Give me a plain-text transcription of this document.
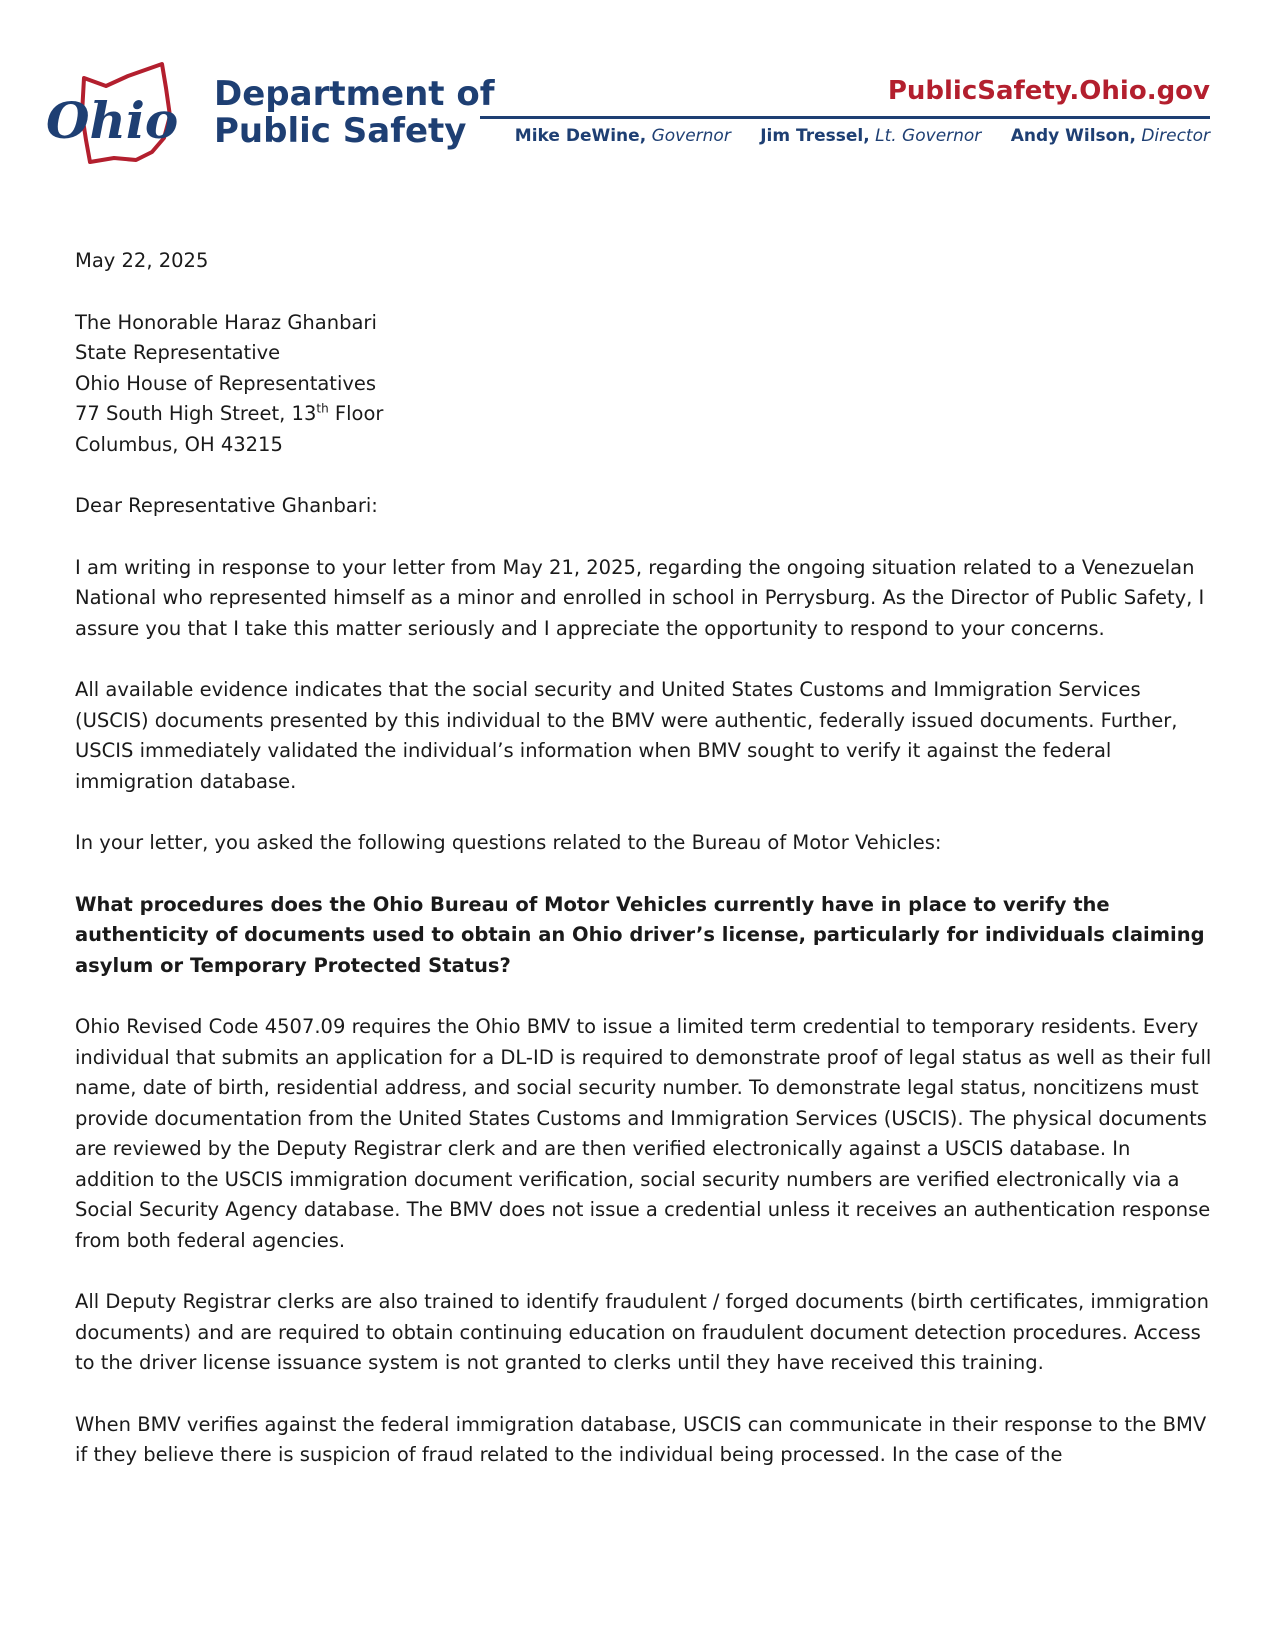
Ohio Department of
Public Safety
PublicSafety.Ohio.gov
Mike DeWine, Governor Jim Tressel, Lt. Governor Andy Wilson, Director

May 22, 2025

The Honorable Haraz Ghanbari
State Representative
Ohio House of Representatives
77 South High Street, 13th Floor
Columbus, OH 43215

Dear Representative Ghanbari:

I am writing in response to your letter from May 21, 2025, regarding the ongoing situation related to a Venezuelan National who represented himself as a minor and enrolled in school in Perrysburg. As the Director of Public Safety, I assure you that I take this matter seriously and I appreciate the opportunity to respond to your concerns.

All available evidence indicates that the social security and United States Customs and Immigration Services (USCIS) documents presented by this individual to the BMV were authentic, federally issued documents. Further, USCIS immediately validated the individual’s information when BMV sought to verify it against the federal immigration database.

In your letter, you asked the following questions related to the Bureau of Motor Vehicles:

What procedures does the Ohio Bureau of Motor Vehicles currently have in place to verify the authenticity of documents used to obtain an Ohio driver’s license, particularly for individuals claiming asylum or Temporary Protected Status?

Ohio Revised Code 4507.09 requires the Ohio BMV to issue a limited term credential to temporary residents. Every individual that submits an application for a DL-ID is required to demonstrate proof of legal status as well as their full name, date of birth, residential address, and social security number. To demonstrate legal status, noncitizens must provide documentation from the United States Customs and Immigration Services (USCIS). The physical documents are reviewed by the Deputy Registrar clerk and are then verified electronically against a USCIS database. In addition to the USCIS immigration document verification, social security numbers are verified electronically via a Social Security Agency database. The BMV does not issue a credential unless it receives an authentication response from both federal agencies.

All Deputy Registrar clerks are also trained to identify fraudulent / forged documents (birth certificates, immigration documents) and are required to obtain continuing education on fraudulent document detection procedures. Access to the driver license issuance system is not granted to clerks until they have received this training.

When BMV verifies against the federal immigration database, USCIS can communicate in their response to the BMV if they believe there is suspicion of fraud related to the individual being processed. In the case of the
